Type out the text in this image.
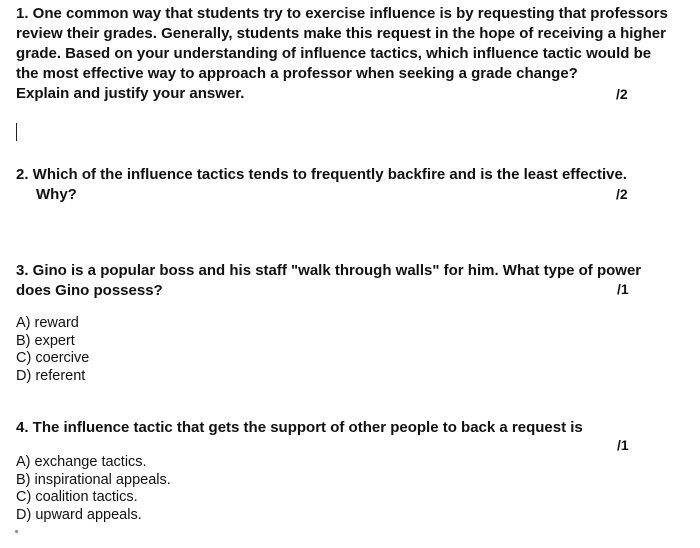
1. One common way that students try to exercise influence is by requesting that professors

review their grades. Generally, students make this request in the hope of receiving a higher

grade. Based on your understanding of influence tactics, which influence tactic would be

the most effective way to approach a professor when seeking a grade change?

Explain and justify your answer.	/2

2. Which of the influence tactics tends to frequently backfire and is the least effective.

Why?	/2

3. Gino is a popular boss and his staff "walk through walls" for him. What type of power

does Gino possess?	/1
A) reward
B) expert
C) coercive
D) referent

4. The influence tactic that gets the support of other people to back a request is

/1
A) exchange tactics.
B) inspirational appeals.
C) coalition tactics.
D) upward appeals.
